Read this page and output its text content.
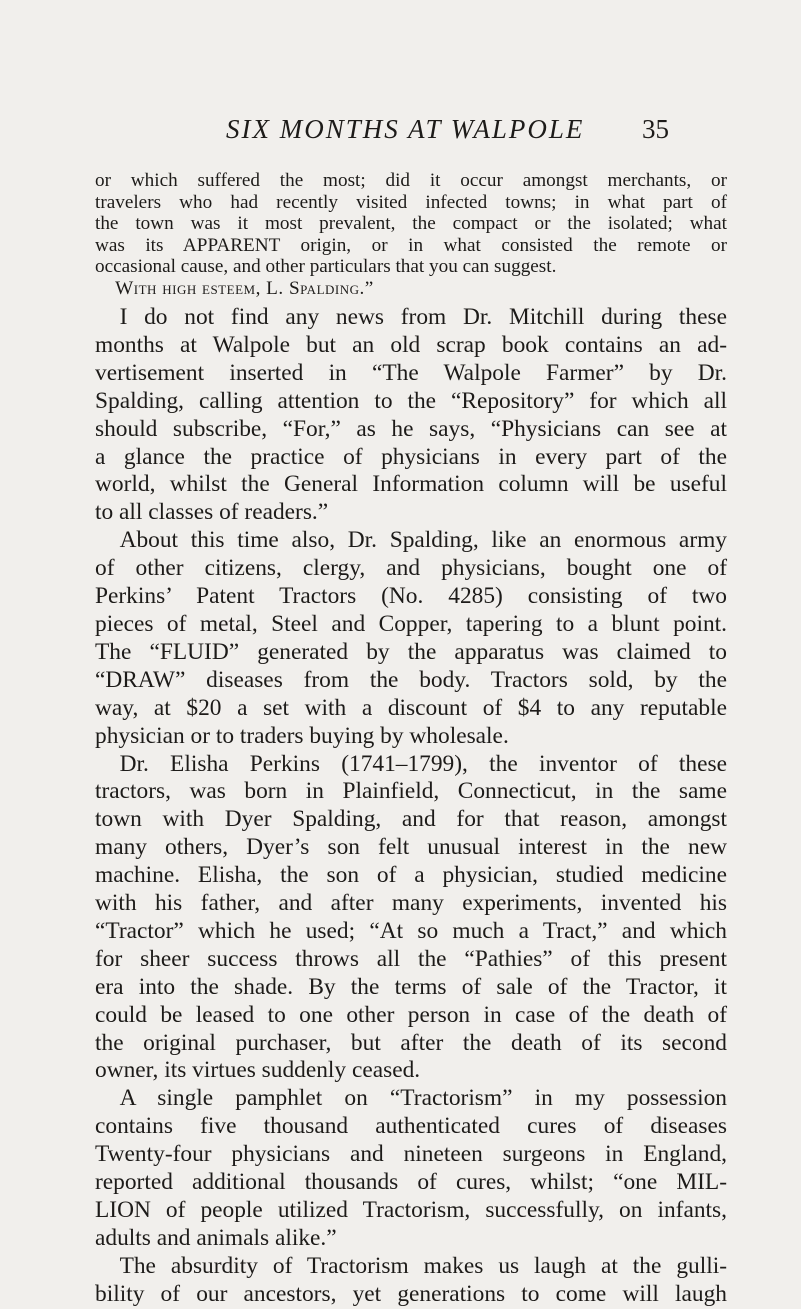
SIX MONTHS AT WALPOLE 35
or which suffered the most; did it occur amongst merchants, or
travelers who had recently visited infected towns; in what part of
the town was it most prevalent, the compact or the isolated; what
was its APPARENT origin, or in what consisted the remote or
occasional cause, and other particulars that you can suggest.
With high esteem, L. Spalding.”
I do not find any news from Dr. Mitchill during these
months at Walpole but an old scrap book contains an ad-
vertisement inserted in “The Walpole Farmer” by Dr.
Spalding, calling attention to the “Repository” for which all
should subscribe, “For,” as he says, “Physicians can see at
a glance the practice of physicians in every part of the
world, whilst the General Information column will be useful
to all classes of readers.”
About this time also, Dr. Spalding, like an enormous army
of other citizens, clergy, and physicians, bought one of
Perkins’ Patent Tractors (No. 4285) consisting of two
pieces of metal, Steel and Copper, tapering to a blunt point.
The “FLUID” generated by the apparatus was claimed to
“DRAW” diseases from the body. Tractors sold, by the
way, at $20 a set with a discount of $4 to any reputable
physician or to traders buying by wholesale.
Dr. Elisha Perkins (1741–1799), the inventor of these
tractors, was born in Plainfield, Connecticut, in the same
town with Dyer Spalding, and for that reason, amongst
many others, Dyer’s son felt unusual interest in the new
machine. Elisha, the son of a physician, studied medicine
with his father, and after many experiments, invented his
“Tractor” which he used; “At so much a Tract,” and which
for sheer success throws all the “Pathies” of this present
era into the shade. By the terms of sale of the Tractor, it
could be leased to one other person in case of the death of
the original purchaser, but after the death of its second
owner, its virtues suddenly ceased.
A single pamphlet on “Tractorism” in my possession
contains five thousand authenticated cures of diseases
Twenty-four physicians and nineteen surgeons in England,
reported additional thousands of cures, whilst; “one MIL-
LION of people utilized Tractorism, successfully, on infants,
adults and animals alike.”
The absurdity of Tractorism makes us laugh at the gulli-
bility of our ancestors, yet generations to come will laugh
